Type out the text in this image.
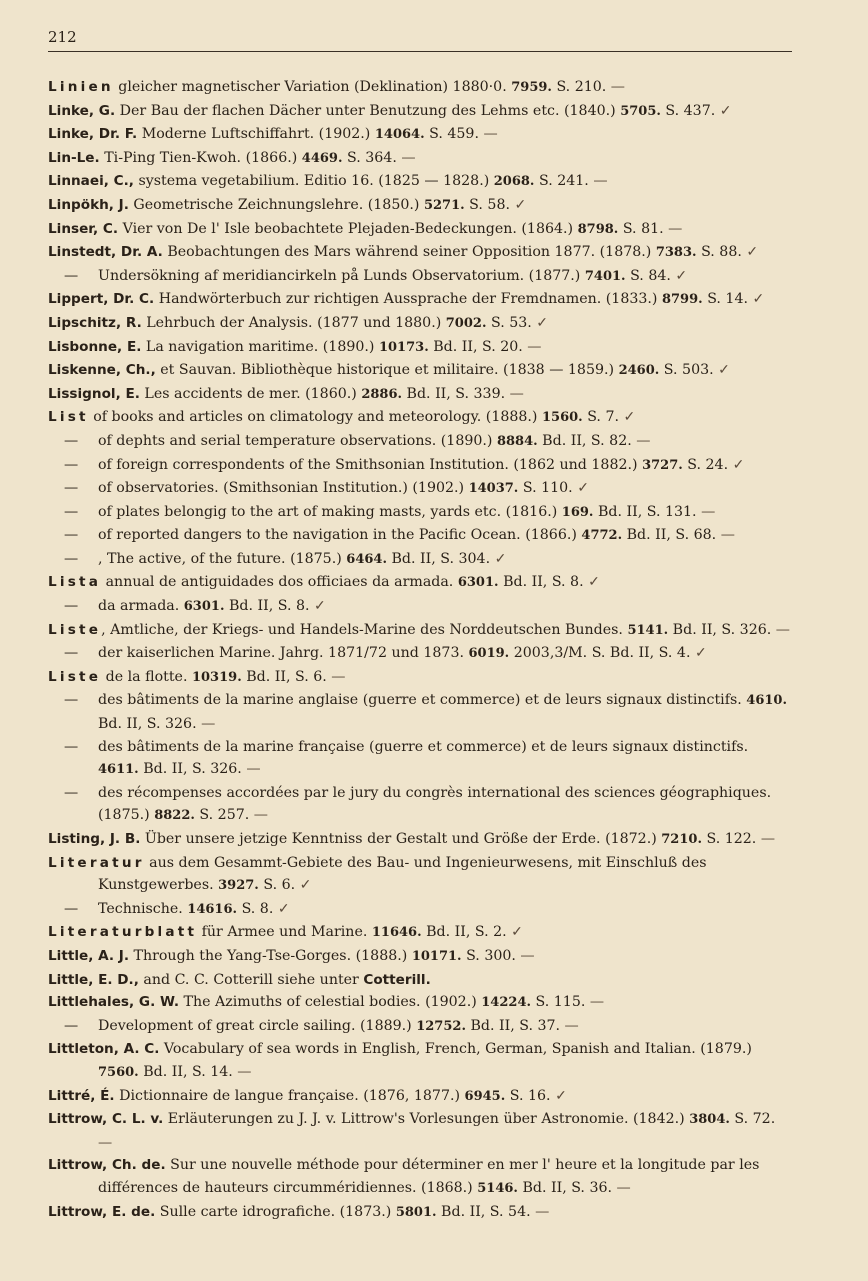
212
Linien gleicher magnetischer Variation (Deklination) 1880·0. 7959. S. 210. —
Linke, G. Der Bau der flachen Dächer unter Benutzung des Lehms etc. (1840.) 5705. S. 437. ✓
Linke, Dr. F. Moderne Luftschiffahrt. (1902.) 14064. S. 459. —
Lin-Le. Ti-Ping Tien-Kwoh. (1866.) 4469. S. 364. —
Linnaei, C., systema vegetabilium. Editio 16. (1825 — 1828.) 2068. S. 241. —
Linpökh, J. Geometrische Zeichnungslehre. (1850.) 5271. S. 58. ✓
Linser, C. Vier von De l' Isle beobachtete Plejaden-Bedeckungen. (1864.) 8798. S. 81. —
Linstedt, Dr. A. Beobachtungen des Mars während seiner Opposition 1877. (1878.) 7383. S. 88. ✓
— Undersökning af meridiancirkeln på Lunds Observatorium. (1877.) 7401. S. 84. ✓
Lippert, Dr. C. Handwörterbuch zur richtigen Aussprache der Fremdnamen. (1833.) 8799. S. 14. ✓
Lipschitz, R. Lehrbuch der Analysis. (1877 und 1880.) 7002. S. 53. ✓
Lisbonne, E. La navigation maritime. (1890.) 10173. Bd. II, S. 20. —
Liskenne, Ch., et Sauvan. Bibliothèque historique et militaire. (1838 — 1859.) 2460. S. 503. ✓
Lissignol, E. Les accidents de mer. (1860.) 2886. Bd. II, S. 339. —
List of books and articles on climatology and meteorology. (1888.) 1560. S. 7. ✓
— of dephts and serial temperature observations. (1890.) 8884. Bd. II, S. 82. —
— of foreign correspondents of the Smithsonian Institution. (1862 und 1882.) 3727. S. 24. ✓
— of observatories. (Smithsonian Institution.) (1902.) 14037. S. 110. ✓
— of plates belongig to the art of making masts, yards etc. (1816.) 169. Bd. II, S. 131. —
— of reported dangers to the navigation in the Pacific Ocean. (1866.) 4772. Bd. II, S. 68. —
— , The active, of the future. (1875.) 6464. Bd. II, S. 304. ✓
Lista annual de antiguidades dos officiaes da armada. 6301. Bd. II, S. 8. ✓
— da armada. 6301. Bd. II, S. 8. ✓
Liste, Amtliche, der Kriegs- und Handels-Marine des Norddeutschen Bundes. 5141. Bd. II, S. 326. —
— der kaiserlichen Marine. Jahrg. 1871/72 und 1873. 6019. 2003,3/M. S. Bd. II, S. 4. ✓
Liste de la flotte. 10319. Bd. II, S. 6. —
— des bâtiments de la marine anglaise (guerre et commerce) et de leurs signaux distinctifs. 4610. Bd. II, S. 326. —
— des bâtiments de la marine française (guerre et commerce) et de leurs signaux distinctifs. 4611. Bd. II, S. 326. —
— des récompenses accordées par le jury du congrès international des sciences géographiques. (1875.) 8822. S. 257. —
Listing, J. B. Über unsere jetzige Kenntniss der Gestalt und Größe der Erde. (1872.) 7210. S. 122. —
Literatur aus dem Gesammt-Gebiete des Bau- und Ingenieurwesens, mit Einschluß des Kunstgewerbes. 3927. S. 6. ✓
— Technische. 14616. S. 8. ✓
Literaturblatt für Armee und Marine. 11646. Bd. II, S. 2. ✓
Little, A. J. Through the Yang-Tse-Gorges. (1888.) 10171. S. 300. —
Little, E. D., and C. C. Cotterill siehe unter Cotterill.
Littlehales, G. W. The Azimuths of celestial bodies. (1902.) 14224. S. 115. —
— Development of great circle sailing. (1889.) 12752. Bd. II, S. 37. —
Littleton, A. C. Vocabulary of sea words in English, French, German, Spanish and Italian. (1879.) 7560. Bd. II, S. 14. —
Littré, É. Dictionnaire de langue française. (1876, 1877.) 6945. S. 16. ✓
Littrow, C. L. v. Erläuterungen zu J. J. v. Littrow's Vorlesungen über Astronomie. (1842.) 3804. S. 72. —
Littrow, Ch. de. Sur une nouvelle méthode pour déterminer en mer l' heure et la longitude par les différences de hauteurs circumméridiennes. (1868.) 5146. Bd. II, S. 36. —
Littrow, E. de. Sulle carte idrografiche. (1873.) 5801. Bd. II, S. 54. —
